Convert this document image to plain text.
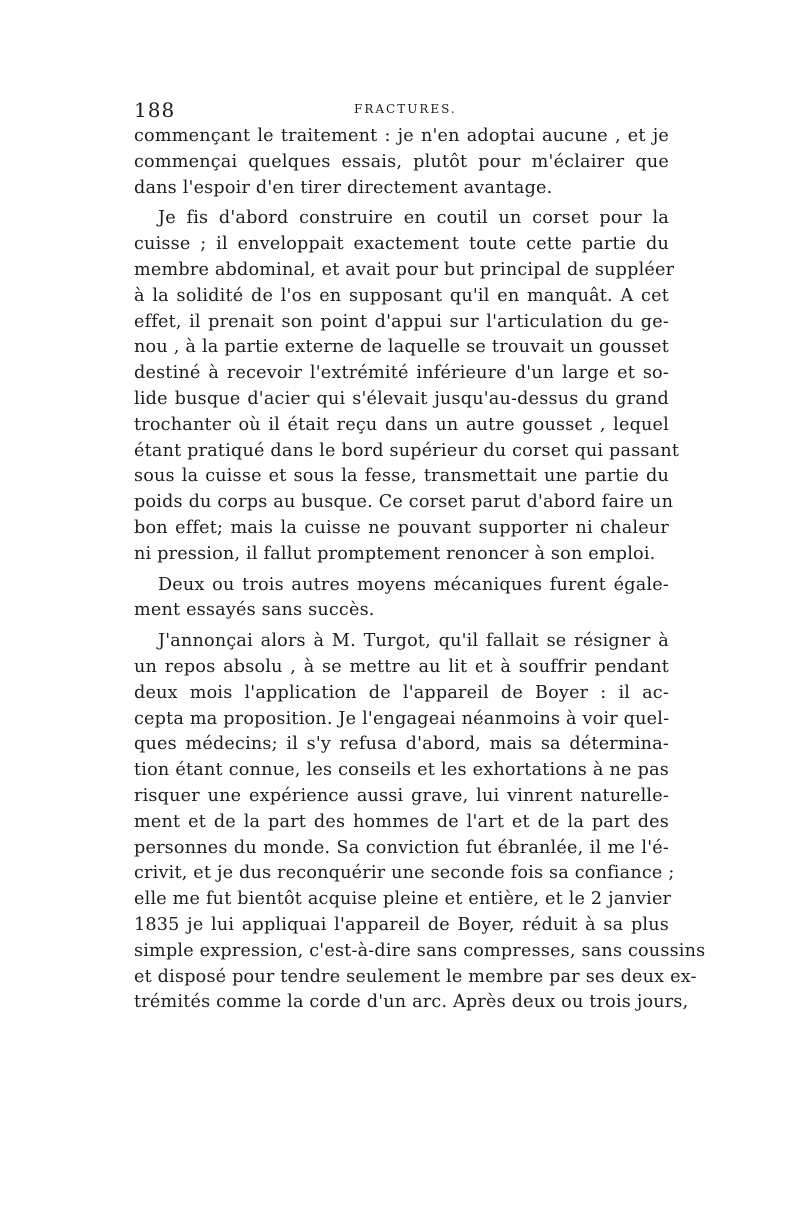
188	FRACTURES.

commençant le traitement : je n'en adoptai aucune , et je
commençai quelques essais, plutôt pour m'éclairer que
dans l'espoir d'en tirer directement avantage.

Je fis d'abord construire en coutil un corset pour la
cuisse ; il enveloppait exactement toute cette partie du
membre abdominal, et avait pour but principal de suppléer
à la solidité de l'os en supposant qu'il en manquât. A cet
effet, il prenait son point d'appui sur l'articulation du ge-
nou , à la partie externe de laquelle se trouvait un gousset
destiné à recevoir l'extrémité inférieure d'un large et so-
lide busque d'acier qui s'élevait jusqu'au-dessus du grand
trochanter où il était reçu dans un autre gousset , lequel
étant pratiqué dans le bord supérieur du corset qui passant
sous la cuisse et sous la fesse, transmettait une partie du
poids du corps au busque. Ce corset parut d'abord faire un
bon effet; mais la cuisse ne pouvant supporter ni chaleur
ni pression, il fallut promptement renoncer à son emploi.

Deux ou trois autres moyens mécaniques furent égale-
ment essayés sans succès.

J'annonçai alors à M. Turgot, qu'il fallait se résigner à
un repos absolu , à se mettre au lit et à souffrir pendant
deux mois l'application de l'appareil de Boyer : il ac-
cepta ma proposition. Je l'engageai néanmoins à voir quel-
ques médecins; il s'y refusa d'abord, mais sa détermina-
tion étant connue, les conseils et les exhortations à ne pas
risquer une expérience aussi grave, lui vinrent naturelle-
ment et de la part des hommes de l'art et de la part des
personnes du monde. Sa conviction fut ébranlée, il me l'é-
crivit, et je dus reconquérir une seconde fois sa confiance ;
elle me fut bientôt acquise pleine et entière, et le 2 janvier
1835 je lui appliquai l'appareil de Boyer, réduit à sa plus
simple expression, c'est-à-dire sans compresses, sans coussins
et disposé pour tendre seulement le membre par ses deux ex-
trémités comme la corde d'un arc. Après deux ou trois jours,
